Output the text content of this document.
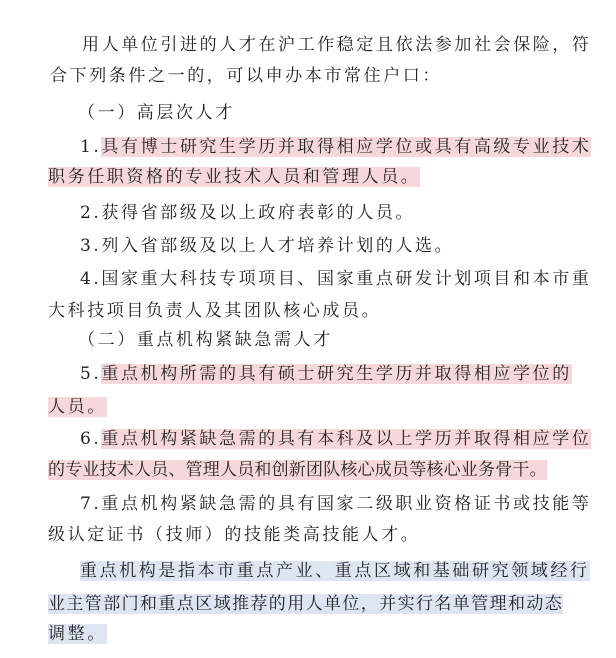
用人单位引进的人才在沪工作稳定且依法参加社会保险，符
合下列条件之一的，可以申办本市常住户口：
（一）高层次人才
1.具有博士研究生学历并取得相应学位或具有高级专业技术
职务任职资格的专业技术人员和管理人员。
2.获得省部级及以上政府表彰的人员。
3.列入省部级及以上人才培养计划的人选。
4.国家重大科技专项项目、国家重点研发计划项目和本市重
大科技项目负责人及其团队核心成员。
（二）重点机构紧缺急需人才
5.重点机构所需的具有硕士研究生学历并取得相应学位的
人员。
6.重点机构紧缺急需的具有本科及以上学历并取得相应学位
的专业技术人员、管理人员和创新团队核心成员等核心业务骨干。
7.重点机构紧缺急需的具有国家二级职业资格证书或技能等
级认定证书（技师）的技能类高技能人才。
重点机构是指本市重点产业、重点区域和基础研究领域经行
业主管部门和重点区域推荐的用人单位，并实行名单管理和动态
调整。
